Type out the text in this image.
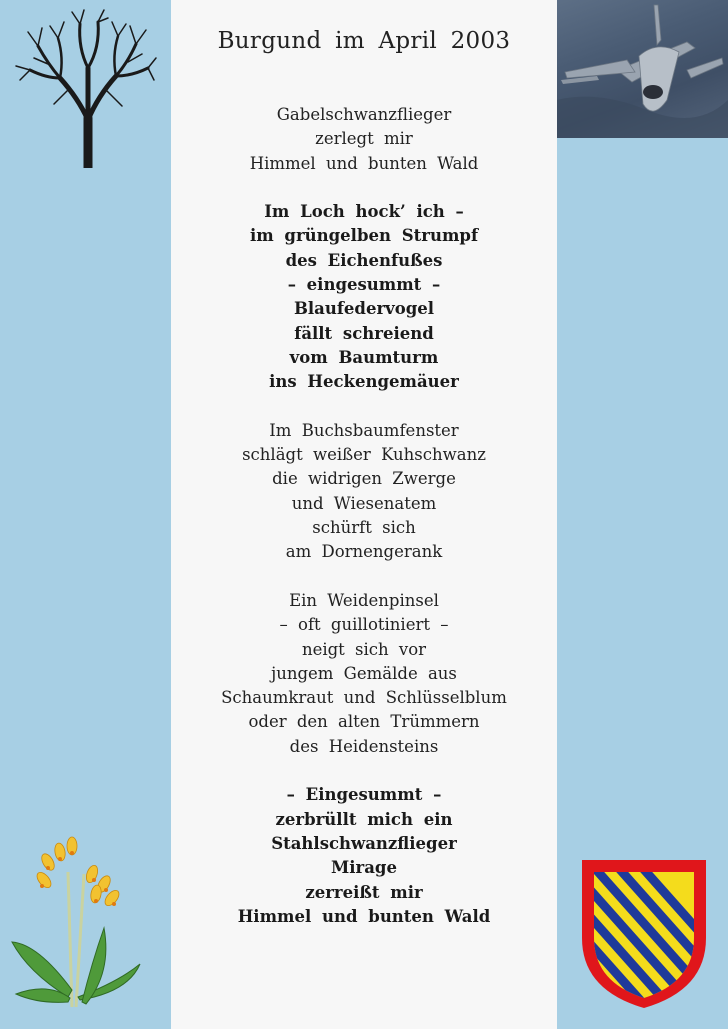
Burgund im April 2003
Gabelschwanzflieger
zerlegt mir
Himmel und bunten Wald
Im Loch hock’ ich –
im grüngelben Strumpf
des Eichenfußes
– eingesummt –
Blaufedervogel
fällt schreiend
vom Baumturm
ins Heckengemäuer
Im Buchsbaumfenster
schlägt weißer Kuhschwanz
die widrigen Zwerge
und Wiesenatem
schürft sich
am Dornengerank
Ein Weidenpinsel
– oft guillotiniert –
neigt sich vor
jungem Gemälde aus
Schaumkraut und Schlüsselblum
oder den alten Trümmern
des Heidensteins
– Eingesummt –
zerbrüllt mich ein
Stahlschwanzflieger
Mirage
zerreißt mir
Himmel und bunten Wald
